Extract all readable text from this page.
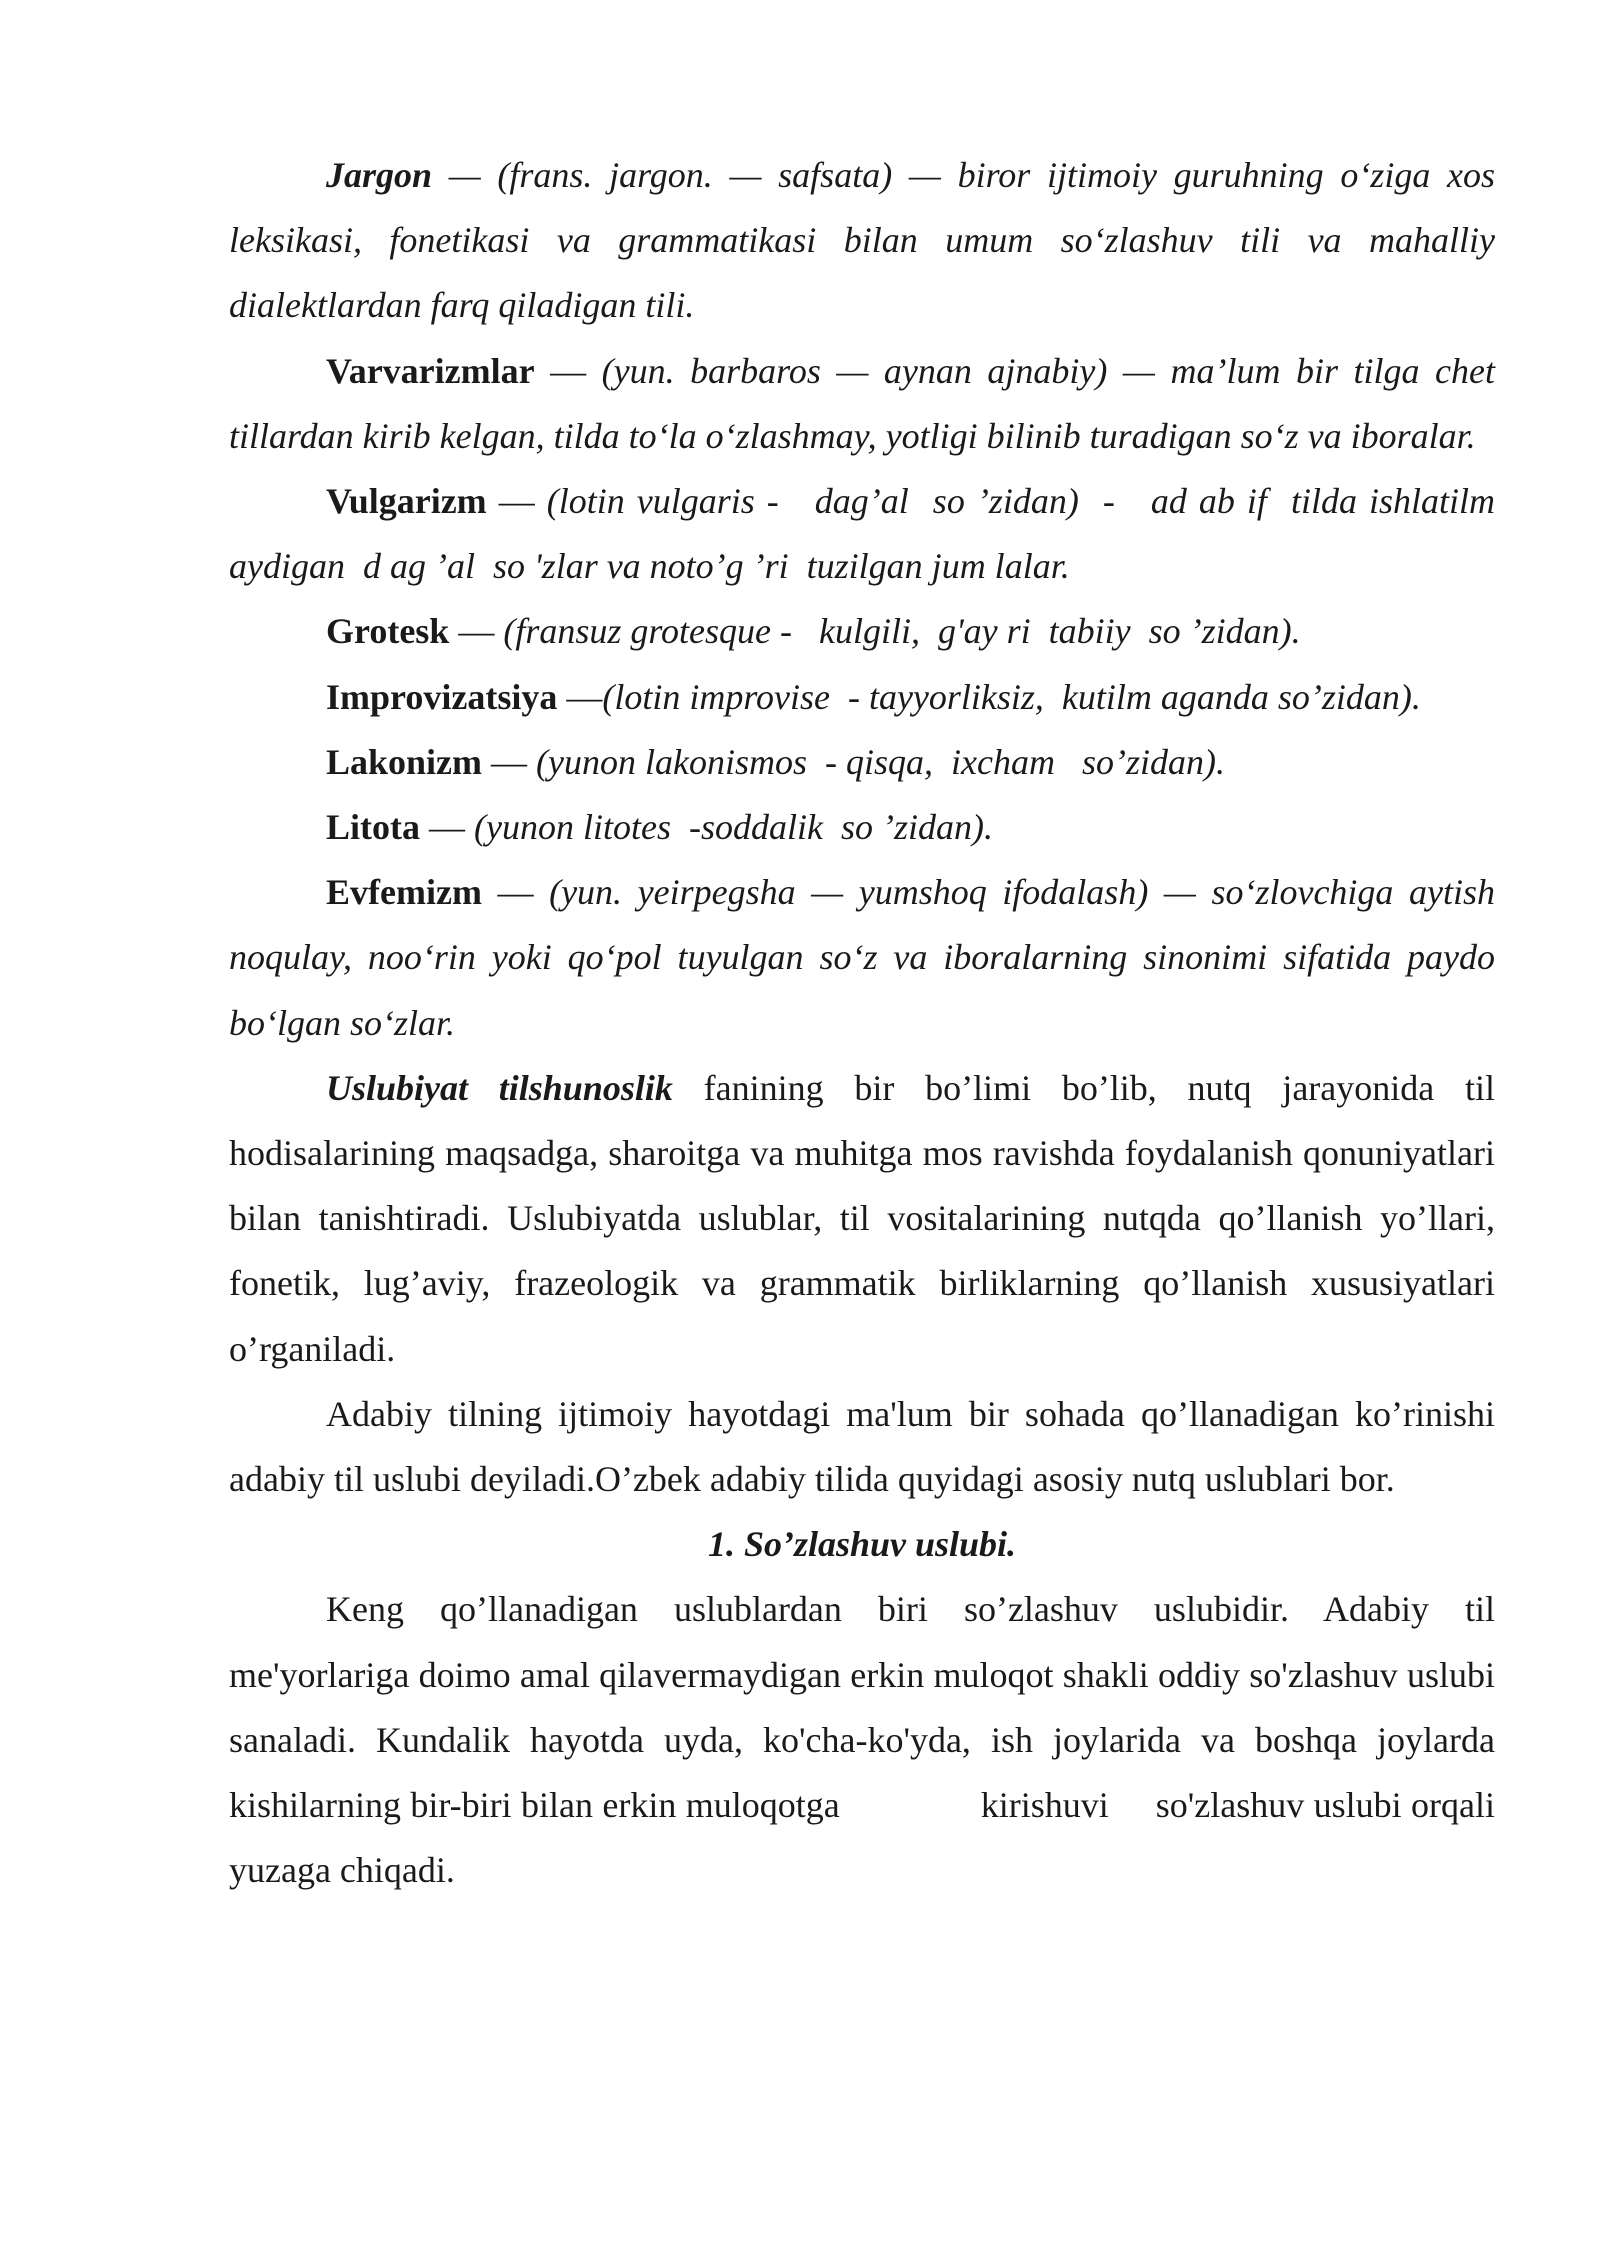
Jargon — (frans. jargon. — safsata) — biror ijtimoiy guruhning o‘ziga xos leksikasi, fonetikasi va grammatikasi bilan umum so‘zlashuv tili va mahalliy dialektlardan farq qiladigan tili.

Varvarizmlar — (yun. barbaros — aynan ajnabiy) — ma’lum bir tilga chet tillardan kirib kelgan, tilda to‘la o‘zlashmay, yotligi bilinib turadigan so‘z va iboralar.

Vulgarizm — (lotin vulgaris -   dag’al  so ’zidan)  -   ad ab if  tilda ishlatilm aydigan  d ag ’al  so 'zlar va noto’g ’ri  tuzilgan jum lalar.

Grotesk — (fransuz grotesque -   kulgili,  g'ay ri  tabiiy  so ’zidan).

Improvizatsiya —(lotin improvise  - tayyorliksiz,  kutilm aganda so’zidan).

Lakonizm — (yunon lakonismos  - qisqa,  ixcham   so’zidan).

Litota — (yunon litotes  -soddalik  so ’zidan).

Evfemizm — (yun. yeirpegsha — yumshoq ifodalash) — so‘zlovchiga aytish noqulay, noo‘rin yoki qo‘pol tuyulgan so‘z va iboralarning sinonimi sifatida paydo bo‘lgan so‘zlar.

Uslubiyat tilshunoslik fanining bir bo’limi bo’lib, nutq jarayonida til hodisalarining maqsadga, sharoitga va muhitga mos ravishda foydalanish qonuniyatlari bilan tanishtiradi. Uslubiyatda uslublar, til vositalarining nutqda qo’llanish yo’llari, fonetik, lug’aviy, frazeologik va grammatik birliklarning qo’llanish xususiyatlari o’rganiladi.

Adabiy tilning ijtimoiy hayotdagi ma'lum bir sohada qo’llanadigan ko’rinishi adabiy til uslubi deyiladi.O’zbek adabiy tilida quyidagi asosiy nutq uslublari bor.

1. So’zlashuv uslubi.

Keng qo’llanadigan uslublardan biri so’zlashuv uslubidir. Adabiy til me'yorlariga doimo amal qilavermaydigan erkin muloqot shakli oddiy so'zlashuv uslubi sanaladi. Kundalik hayotda uyda, ko'cha-ko'yda, ish joylarida va boshqa joylarda kishilarning bir-biri bilan erkin muloqotga               kirishuvi     so'zlashuv uslubi orqali yuzaga chiqadi.
